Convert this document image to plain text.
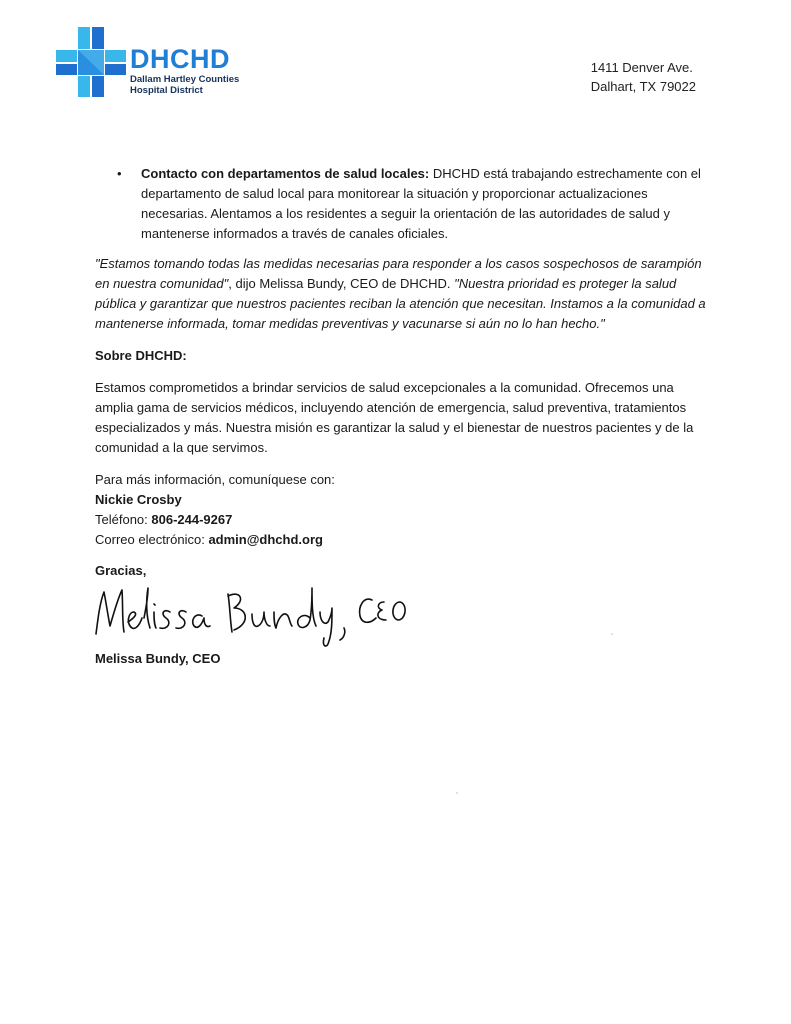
DHCHD
Dallam Hartley Counties
Hospital District
1411 Denver Ave.
Dalhart, TX 79022
• Contacto con departamentos de salud locales: DHCHD está trabajando estrechamente con el departamento de salud local para monitorear la situación y proporcionar actualizaciones necesarias. Alentamos a los residentes a seguir la orientación de las autoridades de salud y mantenerse informados a través de canales oficiales.
"Estamos tomando todas las medidas necesarias para responder a los casos sospechosos de sarampión en nuestra comunidad", dijo Melissa Bundy, CEO de DHCHD. "Nuestra prioridad es proteger la salud pública y garantizar que nuestros pacientes reciban la atención que necesitan. Instamos a la comunidad a mantenerse informada, tomar medidas preventivas y vacunarse si aún no lo han hecho."
Sobre DHCHD:
Estamos comprometidos a brindar servicios de salud excepcionales a la comunidad. Ofrecemos una amplia gama de servicios médicos, incluyendo atención de emergencia, salud preventiva, tratamientos especializados y más. Nuestra misión es garantizar la salud y el bienestar de nuestros pacientes y de la comunidad a la que servimos.
Para más información, comuníquese con:
Nickie Crosby
Teléfono: 806-244-9267
Correo electrónico: admin@dhchd.org
Gracias,
Melissa Bundy, CEO
